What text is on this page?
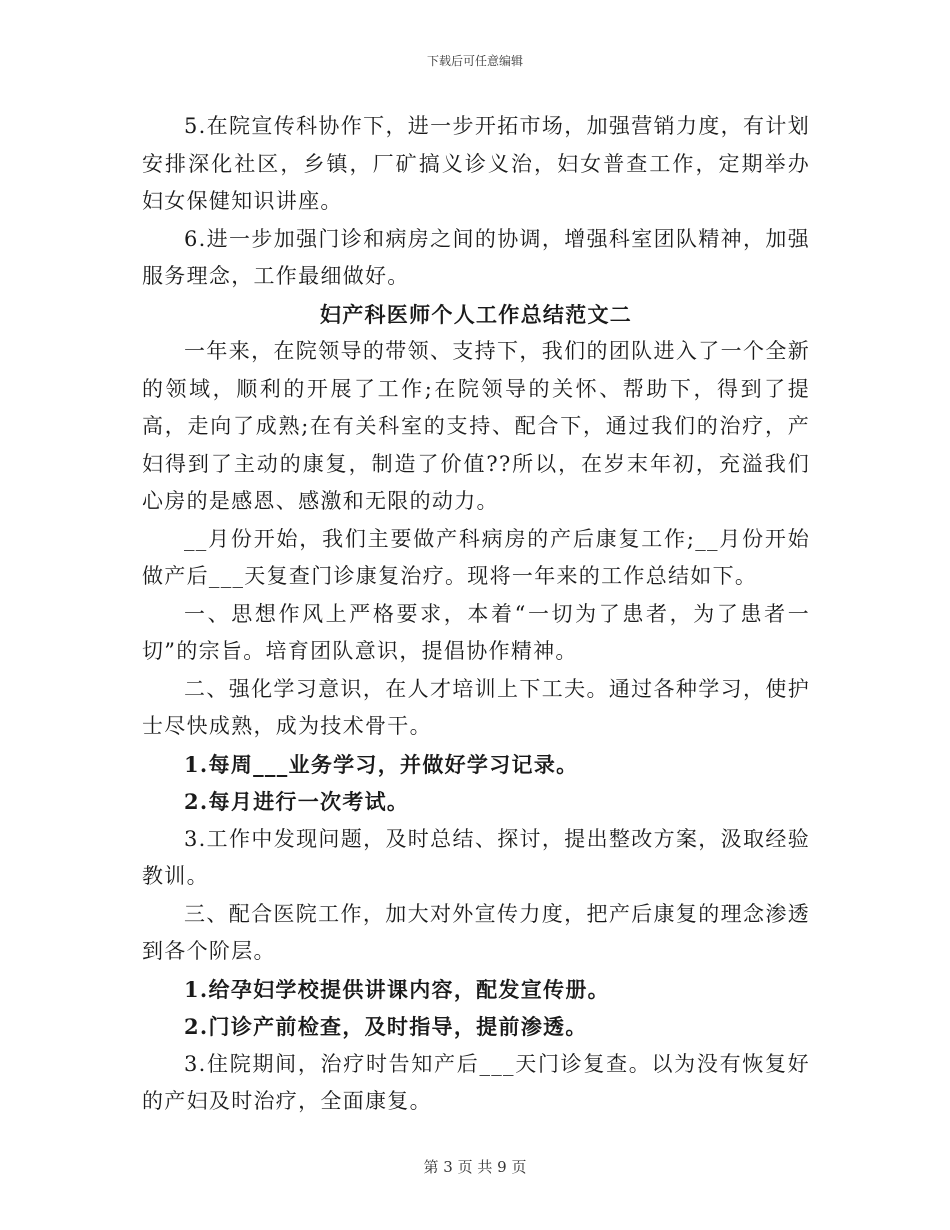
下载后可任意编辑

5.在院宣传科协作下，进一步开拓市场，加强营销力度，有计划安排深化社区，乡镇，厂矿搞义诊义治，妇女普查工作，定期举办妇女保健知识讲座。

6.进一步加强门诊和病房之间的协调，增强科室团队精神，加强服务理念，工作最细做好。

妇产科医师个人工作总结范文二

一年来，在院领导的带领、支持下，我们的团队进入了一个全新的领域，顺利的开展了工作;在院领导的关怀、帮助下，得到了提高，走向了成熟;在有关科室的支持、配合下，通过我们的治疗，产妇得到了主动的康复，制造了价值??所以，在岁末年初，充溢我们心房的是感恩、感激和无限的动力。

__月份开始，我们主要做产科病房的产后康复工作;__月份开始做产后___天复查门诊康复治疗。现将一年来的工作总结如下。

一、思想作风上严格要求，本着“一切为了患者，为了患者一切”的宗旨。培育团队意识，提倡协作精神。

二、强化学习意识，在人才培训上下工夫。通过各种学习，使护士尽快成熟，成为技术骨干。

1.每周___业务学习，并做好学习记录。

2.每月进行一次考试。

3.工作中发现问题，及时总结、探讨，提出整改方案，汲取经验教训。

三、配合医院工作，加大对外宣传力度，把产后康复的理念渗透到各个阶层。

1.给孕妇学校提供讲课内容，配发宣传册。

2.门诊产前检查，及时指导，提前渗透。

3.住院期间，治疗时告知产后___天门诊复查。以为没有恢复好的产妇及时治疗，全面康复。

第 3 页 共 9 页
